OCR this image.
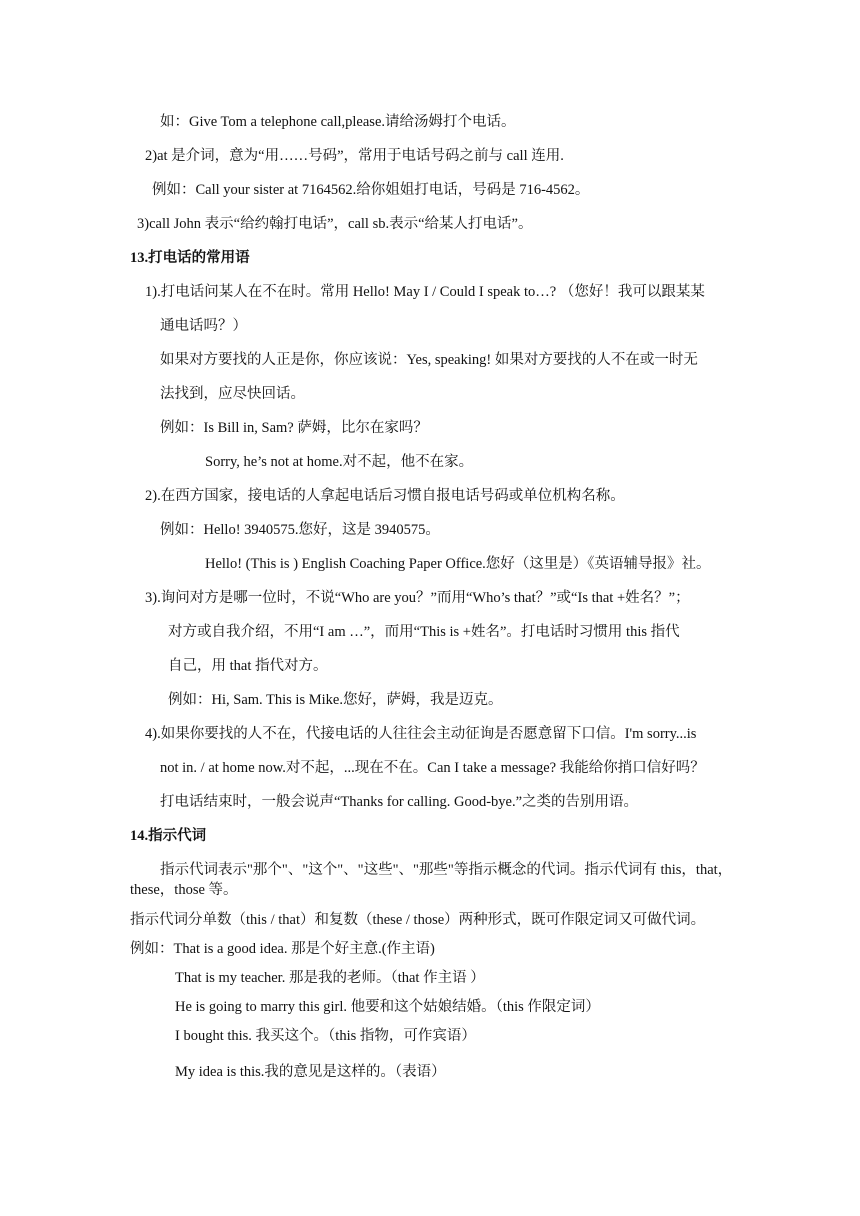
如：Give Tom a telephone call,please.请给汤姆打个电话。
2)at 是介词，意为“用……号码”，常用于电话号码之前与 call 连用.
例如：Call your sister at 7164562.给你姐姐打电话，号码是 716-4562。
3)call John 表示“给约翰打电话”，call sb.表示“给某人打电话”。
13.打电话的常用语
1).打电话问某人在不在时。常用 Hello! May I / Could I speak to…? （您好！我可以跟某某
通电话吗？）
如果对方要找的人正是你，你应该说：Yes, speaking! 如果对方要找的人不在或一时无
法找到，应尽快回话。
例如：Is Bill in, Sam? 萨姆，比尔在家吗？
Sorry, he’s not at home.对不起，他不在家。
2).在西方国家，接电话的人拿起电话后习惯自报电话号码或单位机构名称。
例如：Hello! 3940575.您好，这是 3940575。
Hello! (This is ) English Coaching Paper Office.您好（这里是）《英语辅导报》社。
3).询问对方是哪一位时，不说“Who are you？”而用“Who’s that？”或“Is that +姓名？”；
对方或自我介绍，不用“I am …”，而用“This is +姓名”。打电话时习惯用 this 指代
自己，用 that 指代对方。
例如：Hi, Sam. This is Mike.您好，萨姆，我是迈克。
4).如果你要找的人不在，代接电话的人往往会主动征询是否愿意留下口信。I'm sorry...is
not in. / at home now.对不起，...现在不在。Can I take a message? 我能给你捎口信好吗？
打电话结束时，一般会说声“Thanks for calling. Good-bye.”之类的告别用语。
14.指示代词
指示代词表示"那个"、"这个"、"这些"、"那些"等指示概念的代词。指示代词有 this，that，
these，those 等。
指示代词分单数（this / that）和复数（these / those）两种形式，既可作限定词又可做代词。
例如：That is a good idea. 那是个好主意.(作主语)
That is my teacher. 那是我的老师。（that 作主语 ）
He is going to marry this girl. 他要和这个姑娘结婚。（this 作限定词）
I bought this. 我买这个。（this 指物，可作宾语）
My idea is this.我的意见是这样的。（表语）
